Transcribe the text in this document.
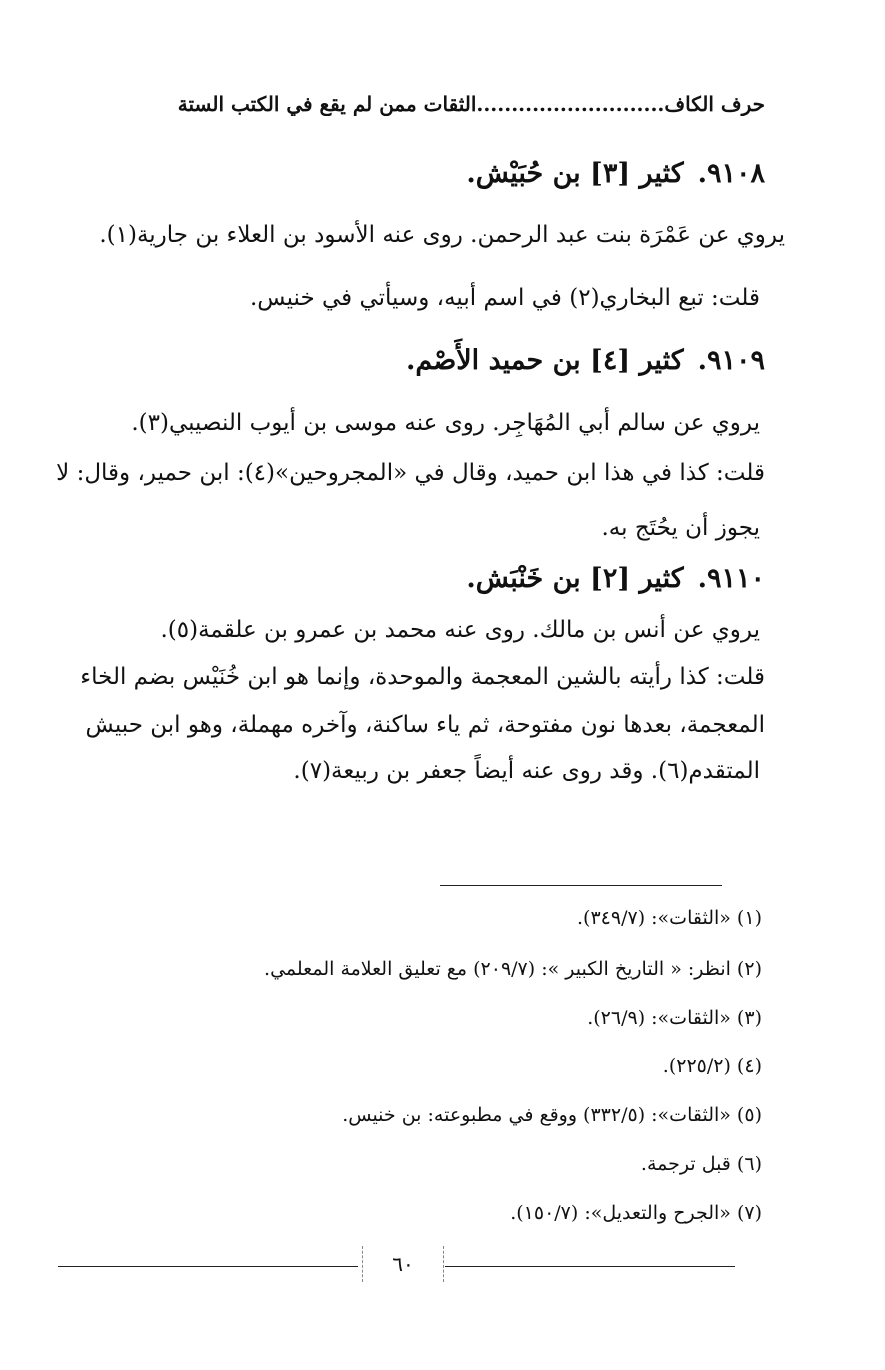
حرف الكاف...........................الثقات ممن لم يقع في الكتب الستة
٩١٠٨.كثير [٣] بن حُبَيْش.
يروي عن عَمْرَة بنت عبد الرحمن. روى عنه الأسود بن العلاء بن جارية(١).
قلت: تبع البخاري(٢) في اسم أبيه، وسيأتي في خنيس.
٩١٠٩.كثير [٤] بن حميد الأَصْم.
يروي عن سالم أبي المُهَاجِر. روى عنه موسى بن أيوب النصيبي(٣).
قلت: كذا في هذا ابن حميد، وقال في «المجروحين»(٤): ابن حمير، وقال: لا
يجوز أن يحُتَج به.
٩١١٠.كثير [٢] بن خَنْبَش.
يروي عن أنس بن مالك. روى عنه محمد بن عمرو بن علقمة(٥).
قلت: كذا رأيته بالشين المعجمة والموحدة، وإنما هو ابن خُنَيْس بضم الخاء
المعجمة، بعدها نون مفتوحة، ثم ياء ساكنة، وآخره مهملة، وهو ابن حبيش
المتقدم(٦). وقد روى عنه أيضاً جعفر بن ربيعة(٧).
(١) «الثقات»: (٣٤٩/٧).
(٢) انظر: « التاريخ الكبير »: (٢٠٩/٧) مع تعليق العلامة المعلمي.
(٣) «الثقات»: (٢٦/٩).
(٤) (٢٢٥/٢).
(٥) «الثقات»: (٣٣٢/٥) ووقع في مطبوعته: بن خنيس.
(٦) قبل ترجمة.
(٧) «الجرح والتعديل»: (١٥٠/٧).
٦٠
